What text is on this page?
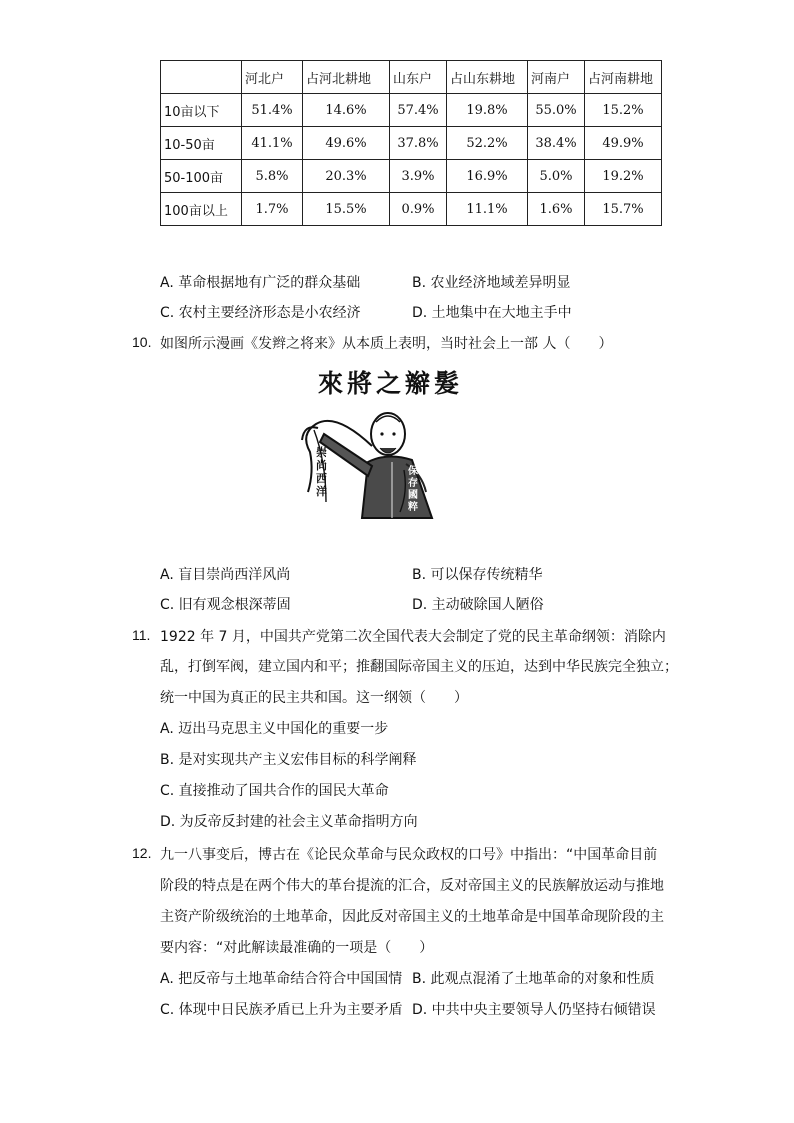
	河北户	占河北耕地	山东户	占山东耕地	河南户	占河南耕地
10亩以下	51.4%	14.6%	57.4%	19.8%	55.0%	15.2%
10-50亩	41.1%	49.6%	37.8%	52.2%	38.4%	49.9%
50-100亩	5.8%	20.3%	3.9%	16.9%	5.0%	19.2%
100亩以上	1.7%	15.5%	0.9%	11.1%	1.6%	15.7%
A. 革命根据地有广泛的群众基础	B. 农业经济地域差异明显
C. 农村主要经济形态是小农经济	D. 土地集中在大地主手中
10. 如图所示漫画《发辫之将来》从本质上表明，当时社会上一部 人（　　）
來將之辮髮
崇尚西洋
保存國粹
A. 盲目崇尚西洋风尚	B. 可以保存传统精华
C. 旧有观念根深蒂固	D. 主动破除国人陋俗
11. 1922 年 7 月，中国共产党第二次全国代表大会制定了党的民主革命纲领：消除内
乱，打倒军阀，建立国内和平；推翻国际帝国主义的压迫，达到中华民族完全独立；
统一中国为真正的民主共和国。这一纲领（　　）
A. 迈出马克思主义中国化的重要一步
B. 是对实现共产主义宏伟目标的科学阐释
C. 直接推动了国共合作的国民大革命
D. 为反帝反封建的社会主义革命指明方向
12. 九一八事变后，博古在《论民众革命与民众政权的口号》中指出：“中国革命目前
阶段的特点是在两个伟大的革台提流的汇合，反对帝国主义的民族解放运动与推地
主资产阶级统治的土地革命，因此反对帝国主义的土地革命是中国革命现阶段的主
要内容：“对此解读最准确的一项是（　　）
A. 把反帝与土地革命结合符合中国国情 B. 此观点混淆了土地革命的对象和性质
C. 体现中日民族矛盾已上升为主要矛盾 D. 中共中央主要领导人仍坚持右倾错误
